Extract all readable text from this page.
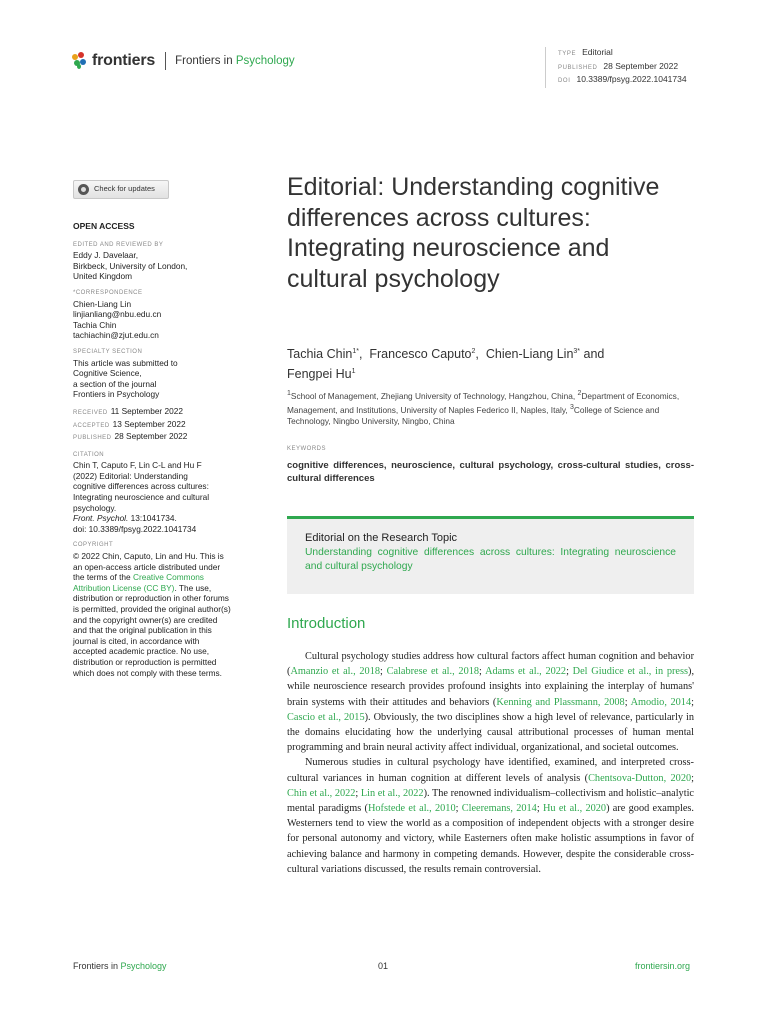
frontiers Frontiers in Psychology
TYPE Editorial
PUBLISHED 28 September 2022
DOI 10.3389/fpsyg.2022.1041734
Check for updates
OPEN ACCESS
EDITED AND REVIEWED BY
Eddy J. Davelaar,
Birkbeck, University of London,
United Kingdom
*CORRESPONDENCE
Chien-Liang Lin
linjianliang@nbu.edu.cn
Tachia Chin
tachiachin@zjut.edu.cn
SPECIALTY SECTION
This article was submitted to
Cognitive Science,
a section of the journal
Frontiers in Psychology
RECEIVED 11 September 2022
ACCEPTED 13 September 2022
PUBLISHED 28 September 2022
CITATION
Chin T, Caputo F, Lin C-L and Hu F
(2022) Editorial: Understanding
cognitive differences across cultures:
Integrating neuroscience and cultural
psychology.
Front. Psychol. 13:1041734.
doi: 10.3389/fpsyg.2022.1041734
COPYRIGHT
© 2022 Chin, Caputo, Lin and Hu. This is an open-access article distributed under the terms of the Creative Commons Attribution License (CC BY). The use, distribution or reproduction in other forums is permitted, provided the original author(s) and the copyright owner(s) are credited and that the original publication in this journal is cited, in accordance with accepted academic practice. No use, distribution or reproduction is permitted which does not comply with these terms.
Editorial: Understanding cognitive differences across cultures: Integrating neuroscience and cultural psychology
Tachia Chin$^{1*}$,  Francesco Caputo$^2$,  Chien-Liang Lin$^{3*}$ and
Fengpei Hu$^1$
$^1$School of Management, Zhejiang University of Technology, Hangzhou, China, $^2$Department of Economics, Management, and Institutions, University of Naples Federico II, Naples, Italy, $^3$College of Science and Technology, Ningbo University, Ningbo, China
KEYWORDS
cognitive differences, neuroscience, cultural psychology, cross-cultural studies, cross-cultural differences
Editorial on the Research Topic
Understanding cognitive differences across cultures: Integrating neuroscience and cultural psychology
Introduction

Cultural psychology studies address how cultural factors affect human cognition and behavior (Amanzio et al., 2018; Calabrese et al., 2018; Adams et al., 2022; Del Giudice et al., in press), while neuroscience research provides profound insights into explaining the interplay of humans' brain systems with their attitudes and behaviors (Kenning and Plassmann, 2008; Amodio, 2014; Cascio et al., 2015). Obviously, the two disciplines show a high level of relevance, particularly in the domains elucidating how the underlying causal attributional processes of human mental programming and brain neural activity affect individual, organizational, and societal outcomes.

Numerous studies in cultural psychology have identified, examined, and interpreted cross-cultural variances in human cognition at different levels of analysis (Chentsova-Dutton, 2020; Chin et al., 2022; Lin et al., 2022). The renowned individualism–collectivism and holistic–analytic mental paradigms (Hofstede et al., 2010; Cleeremans, 2014; Hu et al., 2020) are good examples. Westerners tend to view the world as a composition of independent objects with a stronger desire for personal autonomy and victory, while Easterners often make holistic assumptions in favor of achieving balance and harmony in competing demands. However, despite the considerable cross-cultural variations discussed, the results remain controversial.

Frontiers in Psychology	01	frontiersin.org
